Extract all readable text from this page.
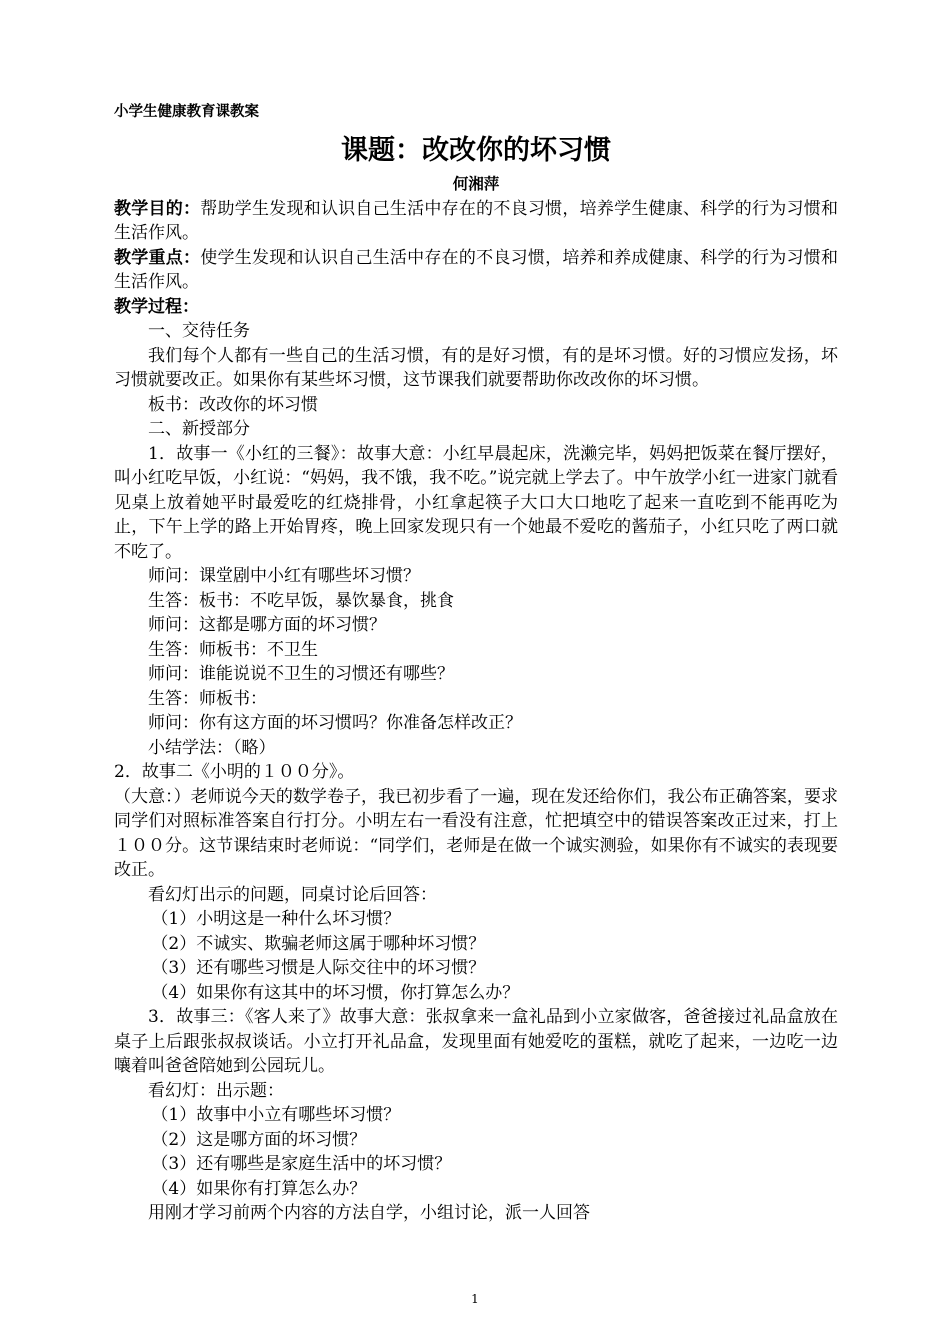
小学生健康教育课教案
课题：改改你的坏习惯
何湘萍

教学目的：帮助学生发现和认识自己生活中存在的不良习惯，培养学生健康、科学的行为习惯和生活作风。

教学重点：使学生发现和认识自己生活中存在的不良习惯，培养和养成健康、科学的行为习惯和生活作风。

教学过程：

一、交待任务

我们每个人都有一些自己的生活习惯，有的是好习惯，有的是坏习惯。好的习惯应发扬，坏习惯就要改正。如果你有某些坏习惯，这节课我们就要帮助你改改你的坏习惯。

板书：改改你的坏习惯

二、新授部分

1．故事一《小红的三餐》：故事大意：小红早晨起床，洗濑完毕，妈妈把饭菜在餐厅摆好，叫小红吃早饭，小红说：“妈妈，我不饿，我不吃。”说完就上学去了。中午放学小红一进家门就看见桌上放着她平时最爱吃的红烧排骨，小红拿起筷子大口大口地吃了起来一直吃到不能再吃为止，下午上学的路上开始胃疼，晚上回家发现只有一个她最不爱吃的酱茄子，小红只吃了两口就不吃了。

师问：课堂剧中小红有哪些坏习惯？

生答：板书：不吃早饭，暴饮暴食，挑食

师问：这都是哪方面的坏习惯？

生答：师板书：不卫生

师问：谁能说说不卫生的习惯还有哪些？

生答：师板书：

师问：你有这方面的坏习惯吗？你准备怎样改正？

小结学法：（略）

2．故事二《小明的１００分》。

（大意：）老师说今天的数学卷子，我已初步看了一遍，现在发还给你们，我公布正确答案，要求同学们对照标准答案自行打分。小明左右一看没有注意，忙把填空中的错误答案改正过来，打上１００分。这节课结束时老师说：“同学们，老师是在做一个诚实测验，如果你有不诚实的表现要改正。

看幻灯出示的问题，同桌讨论后回答：

（1）小明这是一种什么坏习惯？

（2）不诚实、欺骗老师这属于哪种坏习惯？

（3）还有哪些习惯是人际交往中的坏习惯？

（4）如果你有这其中的坏习惯，你打算怎么办？

3．故事三：《客人来了》故事大意：张叔拿来一盒礼品到小立家做客，爸爸接过礼品盒放在桌子上后跟张叔叔谈话。小立打开礼品盒，发现里面有她爱吃的蛋糕，就吃了起来，一边吃一边嚷着叫爸爸陪她到公园玩儿。

看幻灯：出示题：

（1）故事中小立有哪些坏习惯？

（2）这是哪方面的坏习惯？

（3）还有哪些是家庭生活中的坏习惯？

（4）如果你有打算怎么办？

用刚才学习前两个内容的方法自学，小组讨论，派一人回答

1
